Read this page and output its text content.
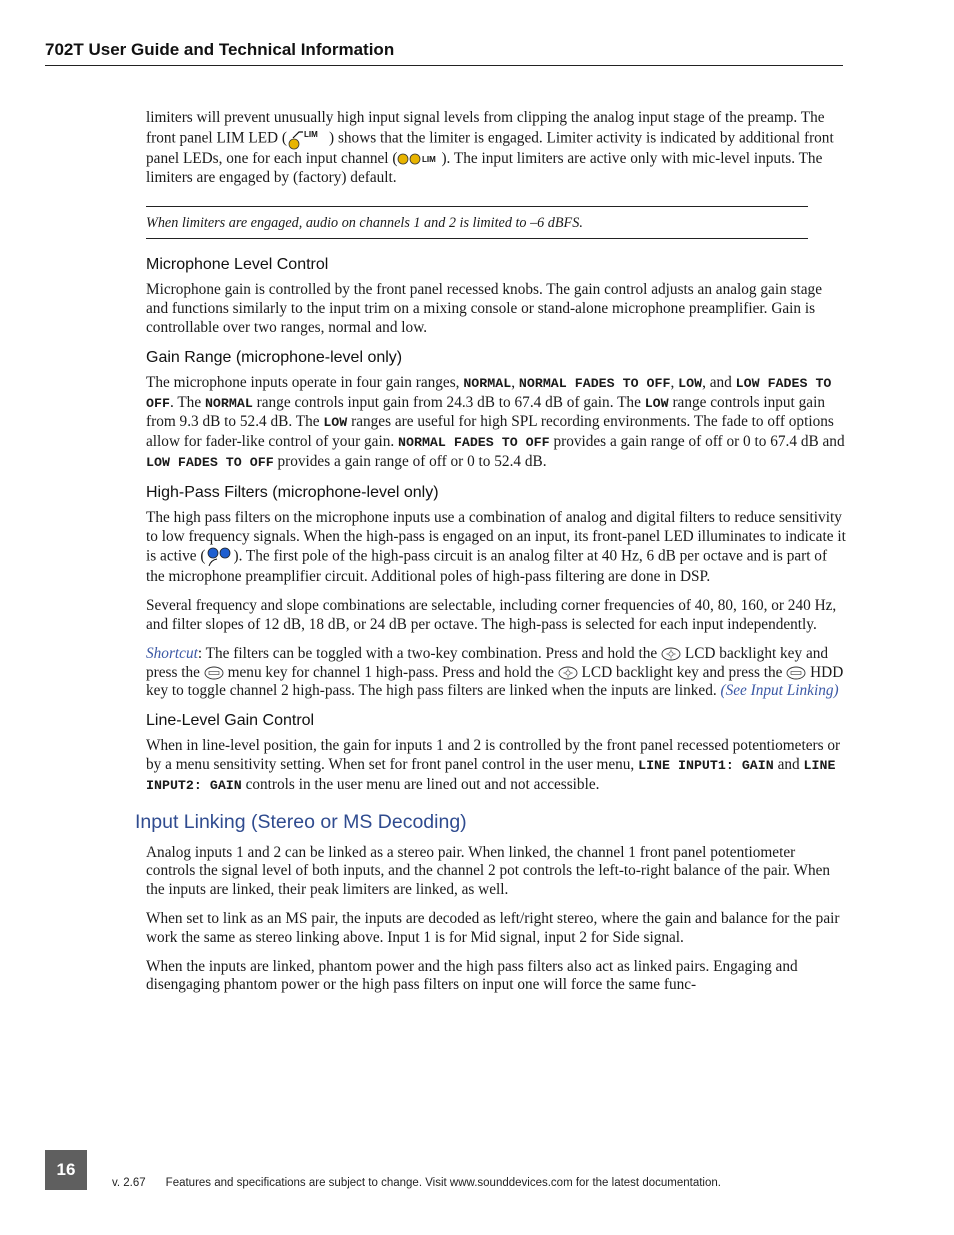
702T User Guide and Technical Information

limiters will prevent unusually high input signal levels from clipping the analog input stage of the preamp. The front panel LIM LED ( LIM ) shows that the limiter is engaged. Limiter activity is indicated by additional front panel LEDs, one for each input channel (	LIM ). The input limiters are active only with mic-level inputs. The limiters are engaged by (factory) default.

When limiters are engaged, audio on channels 1 and 2 is limited to –6 dBFS.
Microphone Level Control

Microphone gain is controlled by the front panel recessed knobs. The gain control adjusts an analog gain stage and functions similarly to the input trim on a mixing console or stand-alone microphone preamplifier. Gain is controllable over two ranges, normal and low.

Gain Range (microphone-level only)

The microphone inputs operate in four gain ranges, NORMAL, NORMAL FADES TO OFF, LOW, and LOW FADES TO OFF. The NORMAL range controls input gain from 24.3 dB to 67.4 dB of gain. The LOW range controls input gain from 9.3 dB to 52.4 dB. The LOW ranges are useful for high SPL recording environments. The fade to off options allow for fader-like control of your gain. NORMAL FADES TO OFF provides a gain range of off or 0 to 67.4 dB and LOW FADES TO OFF provides a gain range of off or 0 to 52.4 dB.

High-Pass Filters (microphone-level only)

The high pass filters on the microphone inputs use a combination of analog and digital filters to reduce sensitivity to low frequency signals. When the high-pass is engaged on an input, its front-panel LED illuminates to indicate it is active ( ). The first pole of the high-pass circuit is an analog filter at 40 Hz, 6 dB per octave and is part of the microphone preamplifier circuit. Additional poles of high-pass filtering are done in DSP.

Several frequency and slope combinations are selectable, including corner frequencies of 40, 80, 160, or 240 Hz, and filter slopes of 12 dB, 18 dB, or 24 dB per octave. The high-pass is selected for each input independently.

Shortcut: The filters can be toggled with a two-key combination. Press and hold the  LCD backlight key and press the  menu key for channel 1 high-pass. Press and hold the  LCD backlight key and press the  HDD key to toggle channel 2 high-pass. The high pass filters are linked when the inputs are linked. (See Input Linking)

Line-Level Gain Control

When in line-level position, the gain for inputs 1 and 2 is controlled by the front panel recessed potentiometers or by a menu sensitivity setting. When set for front panel control in the user menu, LINE INPUT1: GAIN and LINE INPUT2: GAIN controls in the user menu are lined out and not accessible.

Input Linking (Stereo or MS Decoding)

Analog inputs 1 and 2 can be linked as a stereo pair. When linked, the channel 1 front panel potentiometer controls the signal level of both inputs, and the channel 2 pot controls the left-to-right balance of the pair. When the inputs are linked, their peak limiters are linked, as well.

When set to link as an MS pair, the inputs are decoded as left/right stereo, where the gain and balance for the pair work the same as stereo linking above. Input 1 is for Mid signal, input 2 for Side signal.

When the inputs are linked, phantom power and the high pass filters also act as linked pairs. Engaging and disengaging phantom power or the high pass filters on input one will force the same func-

16
v. 2.67 Features and specifications are subject to change. Visit www.sounddevices.com for the latest documentation.
